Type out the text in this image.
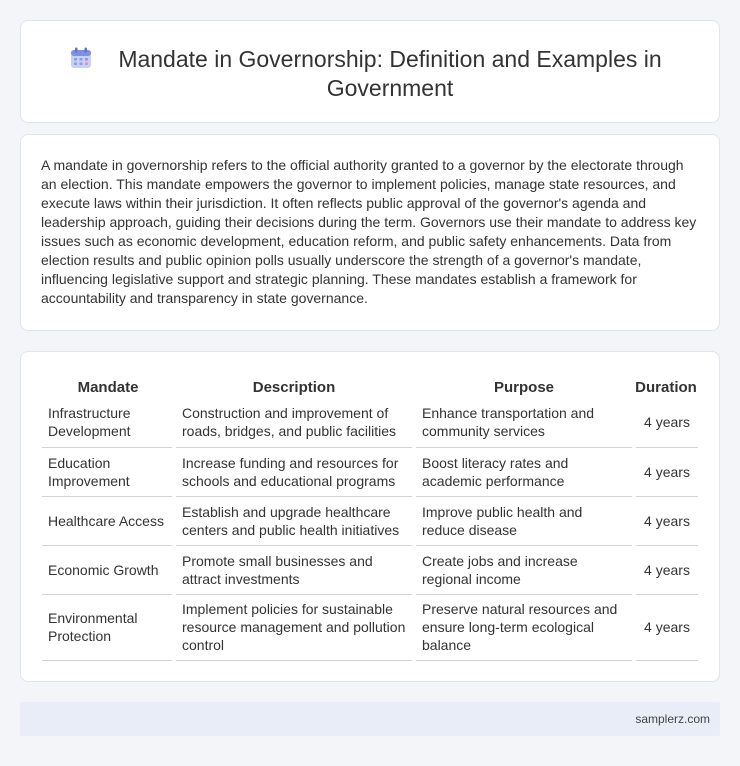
Mandate in Governorship: Definition and Examples in Government

A mandate in governorship refers to the official authority granted to a governor by the electorate through an election. This mandate empowers the governor to implement policies, manage state resources, and execute laws within their jurisdiction. It often reflects public approval of the governor's agenda and leadership approach, guiding their decisions during the term. Governors use their mandate to address key issues such as economic development, education reform, and public safety enhancements. Data from election results and public opinion polls usually underscore the strength of a governor's mandate, influencing legislative support and strategic planning. These mandates establish a framework for accountability and transparency in state governance.

Mandate	Description	Purpose	Duration
Infrastructure Development	Construction and improvement of roads, bridges, and public facilities	Enhance transportation and community services	4 years
Education Improvement	Increase funding and resources for schools and educational programs	Boost literacy rates and academic performance	4 years
Healthcare Access	Establish and upgrade healthcare centers and public health initiatives	Improve public health and reduce disease	4 years
Economic Growth	Promote small businesses and attract investments	Create jobs and increase regional income	4 years
Environmental Protection	Implement policies for sustainable resource management and pollution control	Preserve natural resources and ensure long-term ecological balance	4 years
samplerz.com
